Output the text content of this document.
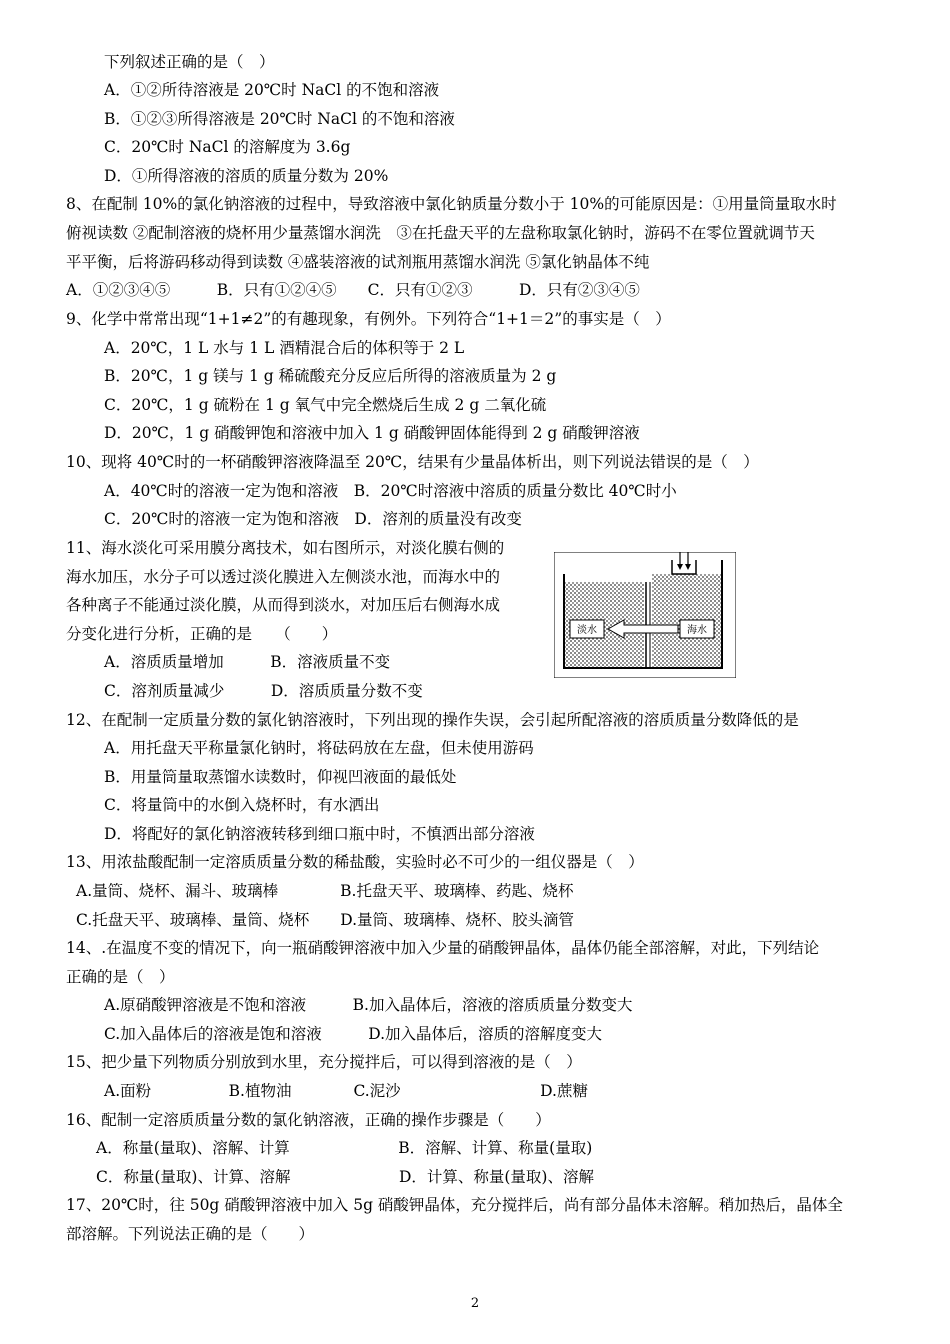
下列叙述正确的是（　）
A．①②所待溶液是 20℃时 NaCl 的不饱和溶液
B．①②③所得溶液是 20℃时 NaCl 的不饱和溶液
C．20℃时 NaCl 的溶解度为 3.6g
D．①所得溶液的溶质的质量分数为 20%
8、在配制 10%的氯化钠溶液的过程中，导致溶液中氯化钠质量分数小于 10%的可能原因是：①用量筒量取水时
俯视读数 ②配制溶液的烧杯用少量蒸馏水润洗　③在托盘天平的左盘称取氯化钠时，游码不在零位置就调节天
平平衡，后将游码移动得到读数 ④盛装溶液的试剂瓶用蒸馏水润洗 ⑤氯化钠晶体不纯
A．①②③④⑤　　　B．只有①②④⑤　　C．只有①②③　　　D．只有②③④⑤
9、化学中常常出现“1+1≠2”的有趣现象，有例外。下列符合“1+1＝2”的事实是（　）
A．20℃，1 L 水与 1 L 酒精混合后的体积等于 2 L
B．20℃，1 g 镁与 1 g 稀硫酸充分反应后所得的溶液质量为 2 g
C．20℃，1 g 硫粉在 1 g 氧气中完全燃烧后生成 2 g 二氧化硫
D．20℃，1 g 硝酸钾饱和溶液中加入 1 g 硝酸钾固体能得到 2 g 硝酸钾溶液
10、现将 40℃时的一杯硝酸钾溶液降温至 20℃，结果有少量晶体析出，则下列说法错误的是（　）
A．40℃时的溶液一定为饱和溶液　B．20℃时溶液中溶质的质量分数比 40℃时小
C．20℃时的溶液一定为饱和溶液　D．溶剂的质量没有改变
11、海水淡化可采用膜分离技术，如右图所示，对淡化膜右侧的
海水加压，水分子可以透过淡化膜进入左侧淡水池，而海水中的
各种离子不能通过淡化膜，从而得到淡水，对加压后右侧海水成
分变化进行分析，正确的是　　（　　）
A．溶质质量增加　　　B．溶液质量不变
C．溶剂质量减少　　　D．溶质质量分数不变
12、在配制一定质量分数的氯化钠溶液时，下列出现的操作失误，会引起所配溶液的溶质质量分数降低的是
A．用托盘天平称量氯化钠时，将砝码放在左盘，但未使用游码
B．用量筒量取蒸馏水读数时，仰视凹液面的最低处
C．将量筒中的水倒入烧杯时，有水洒出
D．将配好的氯化钠溶液转移到细口瓶中时，不慎洒出部分溶液
13、用浓盐酸配制一定溶质质量分数的稀盐酸，实验时必不可少的一组仪器是（　）
A.量筒、烧杯、漏斗、玻璃棒　　　　B.托盘天平、玻璃棒、药匙、烧杯
C.托盘天平、玻璃棒、量筒、烧杯　　D.量筒、玻璃棒、烧杯、胶头滴管
14、.在温度不变的情况下，向一瓶硝酸钾溶液中加入少量的硝酸钾晶体，晶体仍能全部溶解，对此，下列结论
正确的是（　）
A.原硝酸钾溶液是不饱和溶液　　　B.加入晶体后，溶液的溶质质量分数变大
C.加入晶体后的溶液是饱和溶液　　　D.加入晶体后，溶质的溶解度变大
15、把少量下列物质分别放到水里，充分搅拌后，可以得到溶液的是（　）
A.面粉　　　　　B.植物油　　　　C.泥沙　　　　　　　　　D.蔗糖
16、配制一定溶质质量分数的氯化钠溶液，正确的操作步骤是（　　）
A．称量(量取)、溶解、计算　　　　　　　B．溶解、计算、称量(量取)
C．称量(量取)、计算、溶解　　　　　　　D．计算、称量(量取)、溶解
17、20℃时，往 50g 硝酸钾溶液中加入 5g 硝酸钾晶体，充分搅拌后，尚有部分晶体未溶解。稍加热后，晶体全
部溶解。下列说法正确的是（　　）
淡水	海水
2
